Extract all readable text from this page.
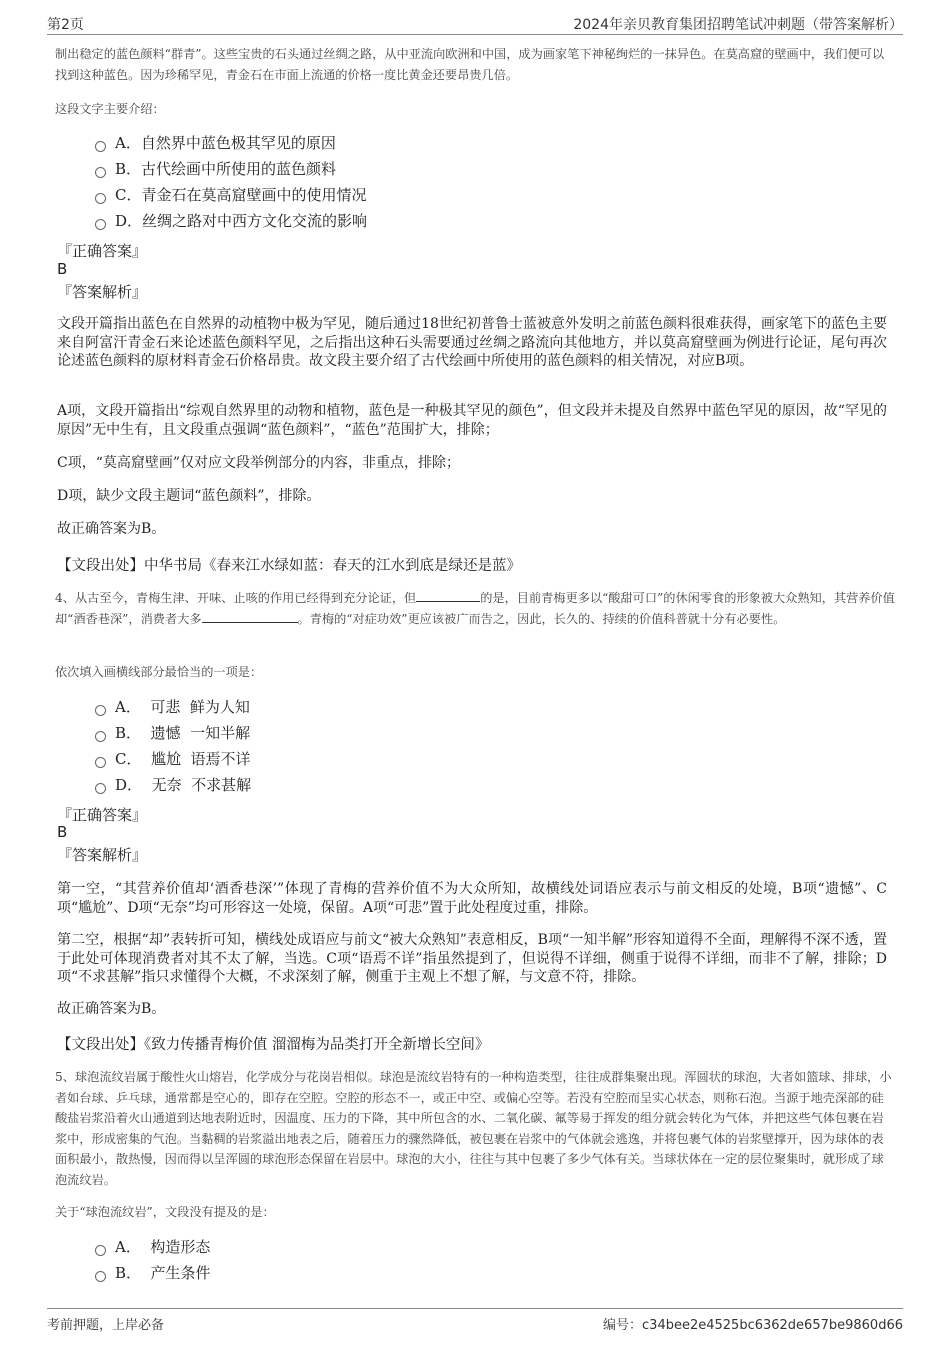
第2页	2024年亲贝教育集团招聘笔试冲刺题（带答案解析）
制出稳定的蓝色颜料“群青”。这些宝贵的石头通过丝绸之路，从中亚流向欧洲和中国，成为画家笔下神秘绚烂的一抹异色。在莫高窟的壁画中，我们便可以找到这种蓝色。因为珍稀罕见，青金石在市面上流通的价格一度比黄金还要昂贵几倍。
这段文字主要介绍：
A．自然界中蓝色极其罕见的原因
B．古代绘画中所使用的蓝色颜料
C．青金石在莫高窟壁画中的使用情况
D．丝绸之路对中西方文化交流的影响
『正确答案』
B
『答案解析』
文段开篇指出蓝色在自然界的动植物中极为罕见，随后通过18世纪初普鲁士蓝被意外发明之前蓝色颜料很难获得，画家笔下的蓝色主要来自阿富汗青金石来论述蓝色颜料罕见，之后指出这种石头需要通过丝绸之路流向其他地方，并以莫高窟壁画为例进行论证，尾句再次论述蓝色颜料的原材料青金石价格昂贵。故文段主要介绍了古代绘画中所使用的蓝色颜料的相关情况，对应B项。
A项，文段开篇指出“综观自然界里的动物和植物，蓝色是一种极其罕见的颜色”，但文段并未提及自然界中蓝色罕见的原因，故“罕见的原因”无中生有，且文段重点强调“蓝色颜料”，“蓝色”范围扩大，排除；
C项，“莫高窟壁画”仅对应文段举例部分的内容，非重点，排除；
D项，缺少文段主题词“蓝色颜料”，排除。
故正确答案为B。
【文段出处】中华书局《春来江水绿如蓝：春天的江水到底是绿还是蓝》
4、从古至今，青梅生津、开味、止咳的作用已经得到充分论证，但	的是，目前青梅更多以“酸甜可口”的休闲零食的形象被大众熟知，其营养价值却“酒香巷深”，消费者大多	。青梅的“对症功效”更应该被广而告之，因此，长久的、持续的价值科普就十分有必要性。
依次填入画横线部分最恰当的一项是：
A．  可悲  鲜为人知
B．  遗憾  一知半解
C．  尴尬  语焉不详
D．  无奈  不求甚解
『正确答案』
B
『答案解析』
第一空，“其营养价值却‘酒香巷深’”体现了青梅的营养价值不为大众所知，故横线处词语应表示与前文相反的处境，B项“遗憾”、C项“尴尬”、D项“无奈”均可形容这一处境，保留。A项“可悲”置于此处程度过重，排除。
第二空，根据“却”表转折可知，横线处成语应与前文“被大众熟知”表意相反，B项“一知半解”形容知道得不全面，理解得不深不透，置于此处可体现消费者对其不太了解，当选。C项“语焉不详”指虽然提到了，但说得不详细，侧重于说得不详细，而非不了解，排除；D项“不求甚解”指只求懂得个大概，不求深刻了解，侧重于主观上不想了解，与文意不符，排除。
故正确答案为B。
【文段出处】《致力传播青梅价值 溜溜梅为品类打开全新增长空间》
5、球泡流纹岩属于酸性火山熔岩，化学成分与花岗岩相似。球泡是流纹岩特有的一种构造类型，往往成群集聚出现。浑圆状的球泡，大者如篮球、排球，小者如台球、乒乓球，通常都是空心的，即存在空腔。空腔的形态不一，或正中空、或偏心空等。若没有空腔而呈实心状态，则称石泡。当源于地壳深部的硅酸盐岩浆沿着火山通道到达地表附近时，因温度、压力的下降，其中所包含的水、二氧化碳、氟等易于挥发的组分就会转化为气体，并把这些气体包裹在岩浆中，形成密集的气泡。当黏稠的岩浆溢出地表之后，随着压力的骤然降低，被包裹在岩浆中的气体就会逃逸，并将包裹气体的岩浆壁撑开，因为球体的表面积最小，散热慢，因而得以呈浑圆的球泡形态保留在岩层中。球泡的大小，往往与其中包裹了多少气体有关。当球状体在一定的层位聚集时，就形成了球泡流纹岩。
关于“球泡流纹岩”，文段没有提及的是：
A．  构造形态
B．  产生条件
考前押题，上岸必备	编号：c34bee2e4525bc6362de657be9860d66
